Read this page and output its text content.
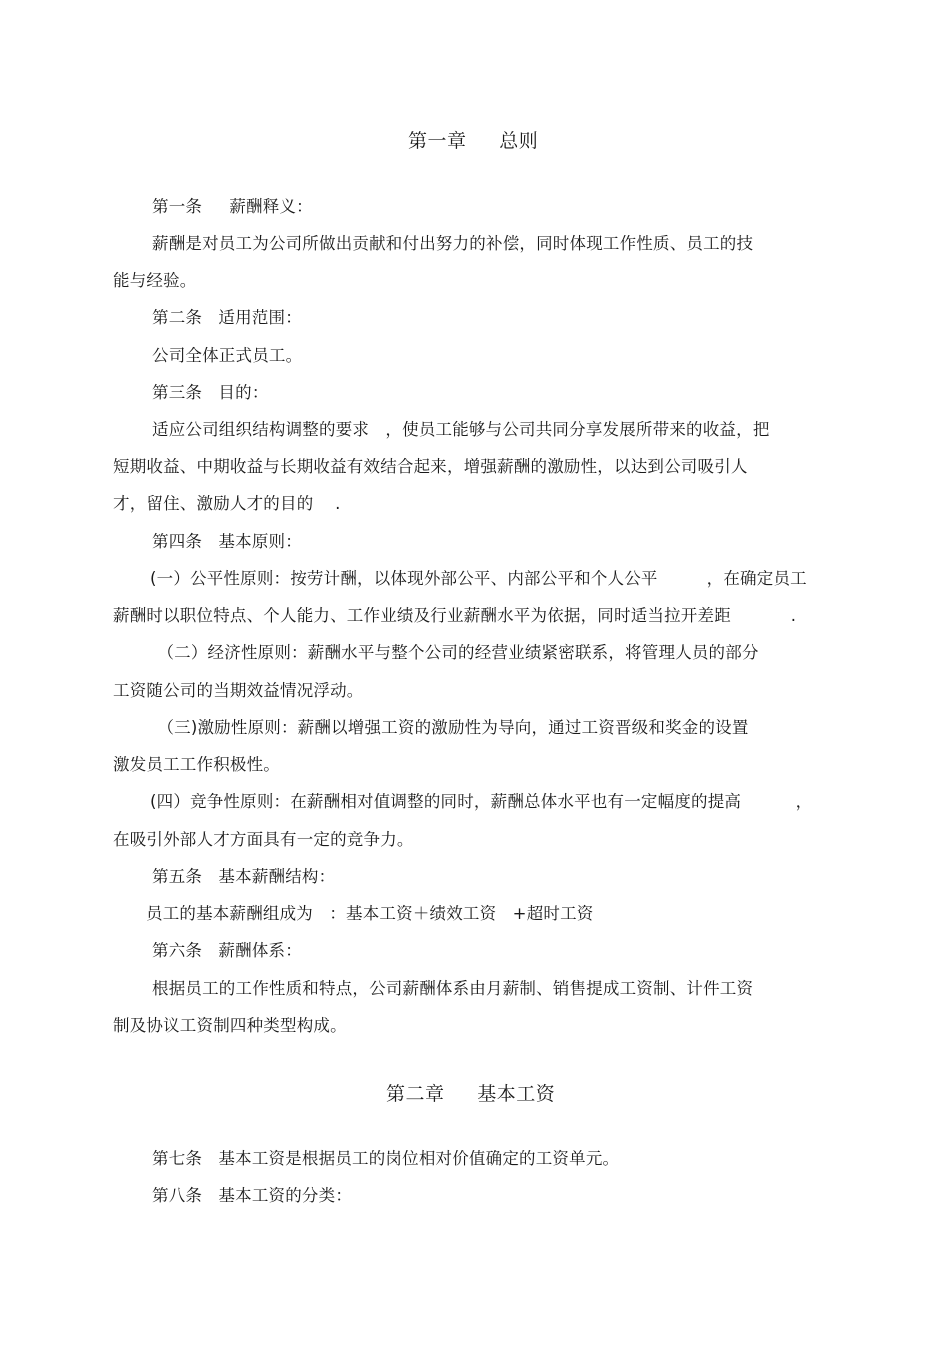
第一章     总则
第一条     薪酬释义：
薪酬是对员工为公司所做出贡献和付出努力的补偿，同时体现工作性质、员工的技
能与经验。
第二条   适用范围：
公司全体正式员工。
第三条   目的：
适应公司组织结构调整的要求   ，使员工能够与公司共同分享发展所带来的收益，把
短期收益、中期收益与长期收益有效结合起来，增强薪酬的激励性，以达到公司吸引人
才，留住、激励人才的目的    .
第四条   基本原则：
(一）公平性原则：按劳计酬，以体现外部公平、内部公平和个人公平         ，在确定员工
薪酬时以职位特点、个人能力、工作业绩及行业薪酬水平为依据，同时适当拉开差距           .
（二）经济性原则：薪酬水平与整个公司的经营业绩紧密联系，将管理人员的部分
工资随公司的当期效益情况浮动。
（三)激励性原则：薪酬以增强工资的激励性为导向，通过工资晋级和奖金的设置
激发员工工作积极性。
(四）竞争性原则：在薪酬相对值调整的同时，薪酬总体水平也有一定幅度的提高          ，
在吸引外部人才方面具有一定的竞争力。
第五条   基本薪酬结构：
员工的基本薪酬组成为   ：基本工资＋绩效工资   +超时工资
第六条   薪酬体系：
根据员工的工作性质和特点，公司薪酬体系由月薪制、销售提成工资制、计件工资
制及协议工资制四种类型构成。
第二章     基本工资
第七条   基本工资是根据员工的岗位相对价值确定的工资单元。
第八条   基本工资的分类：
